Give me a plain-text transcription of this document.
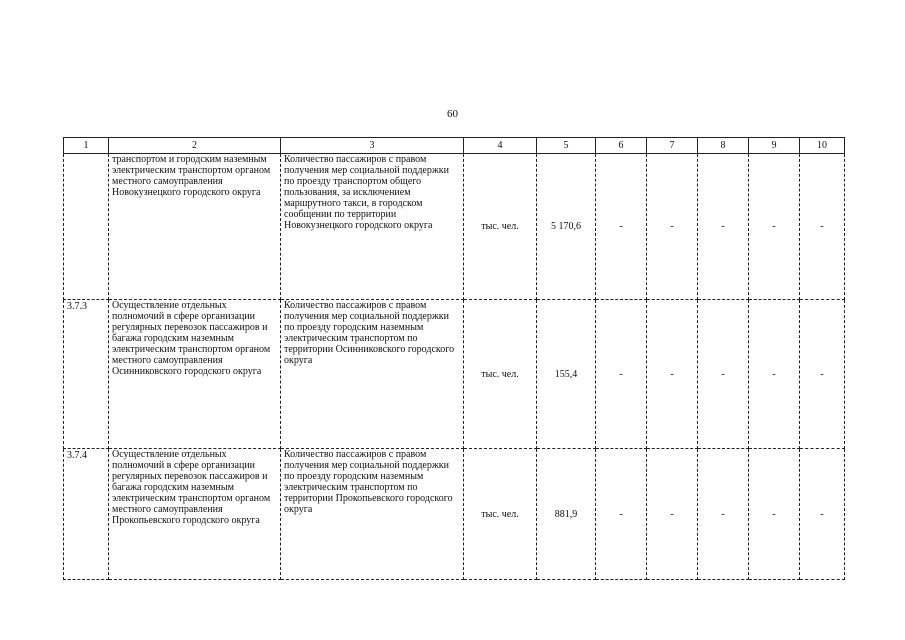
60
1	2	3	4	5	6	7	8	9	10
	транспортом и городским наземным электрическим транспортом органом местного самоуправления Новокузнецкого городского округа	Количество пассажиров с правом получения мер социальной поддержки по проезду транспортом общего пользования, за исключением маршрутного такси, в городском сообщении по территории Новокузнецкого городского округа	тыс. чел.	5 170,6	-	-	-	-	-
3.7.3	Осуществление отдельных полномочий в сфере организации регулярных перевозок пассажиров и багажа городским наземным электрическим транспортом органом местного самоуправления Осинниковского городского округа	Количество пассажиров с правом получения мер социальной поддержки по проезду городским наземным электрическим транспортом по территории Осинниковского городского округа	тыс. чел.	155,4	-	-	-	-	-
3.7.4	Осуществление отдельных полномочий в сфере организации регулярных перевозок пассажиров и багажа городским наземным электрическим транспортом органом местного самоуправления Прокопьевского городского округа	Количество пассажиров с правом получения мер социальной поддержки по проезду городским наземным электрическим транспортом по территории Прокопьевского городского округа	тыс. чел.	881,9	-	-	-	-	-
